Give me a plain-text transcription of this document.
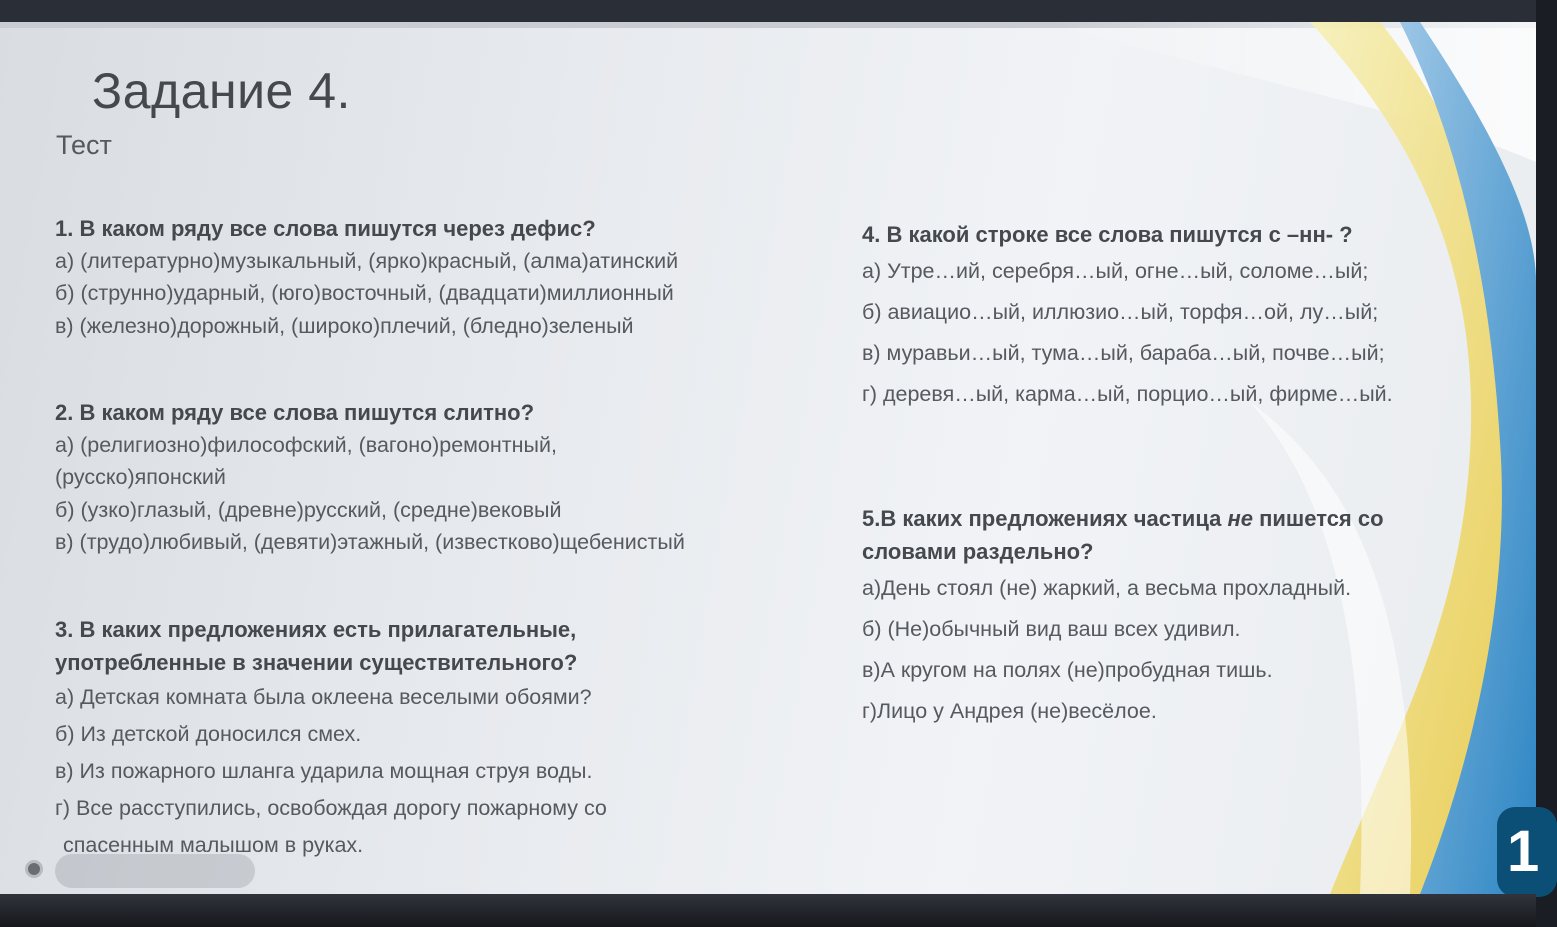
Задание 4.
Тест
1. В каком ряду все слова пишутся через дефис?
а) (литературно)музыкальный, (ярко)красный, (алма)атинский
б) (струнно)ударный, (юго)восточный, (двадцати)миллионный
в) (железно)дорожный, (широко)плечий, (бледно)зеленый
2. В каком ряду все слова пишутся слитно?
а) (религиозно)философский, (вагоно)ремонтный,
(русско)японский
б) (узко)глазый, (древне)русский, (средне)вековый
в) (трудо)любивый, (девяти)этажный, (известково)щебенистый
3. В каких предложениях есть прилагательные,
употребленные в значении существительного?
а) Детская комната была оклеена веселыми обоями?
б) Из детской доносился смех.
в) Из пожарного шланга ударила мощная струя воды.
г) Все расступились, освобождая дорогу пожарному со
спасенным малышом в руках.
4. В какой строке все слова пишутся с –нн- ?
а) Утре…ий, серебря…ый, огне…ый, соломе…ый;
б) авиацио…ый, иллюзио…ый, торфя…ой, лу…ый;
в) муравьи…ый, тума…ый, бараба…ый, почве…ый;
г) деревя…ый, карма…ый, порцио…ый, фирме…ый.
5.В каких предложениях частица не пишется со
словами раздельно?
а)День стоял (не) жаркий, а весьма прохладный.
б) (Не)обычный вид ваш всех удивил.
в)А кругом на полях (не)пробудная тишь.
г)Лицо у Андрея (не)весёлое.
1
